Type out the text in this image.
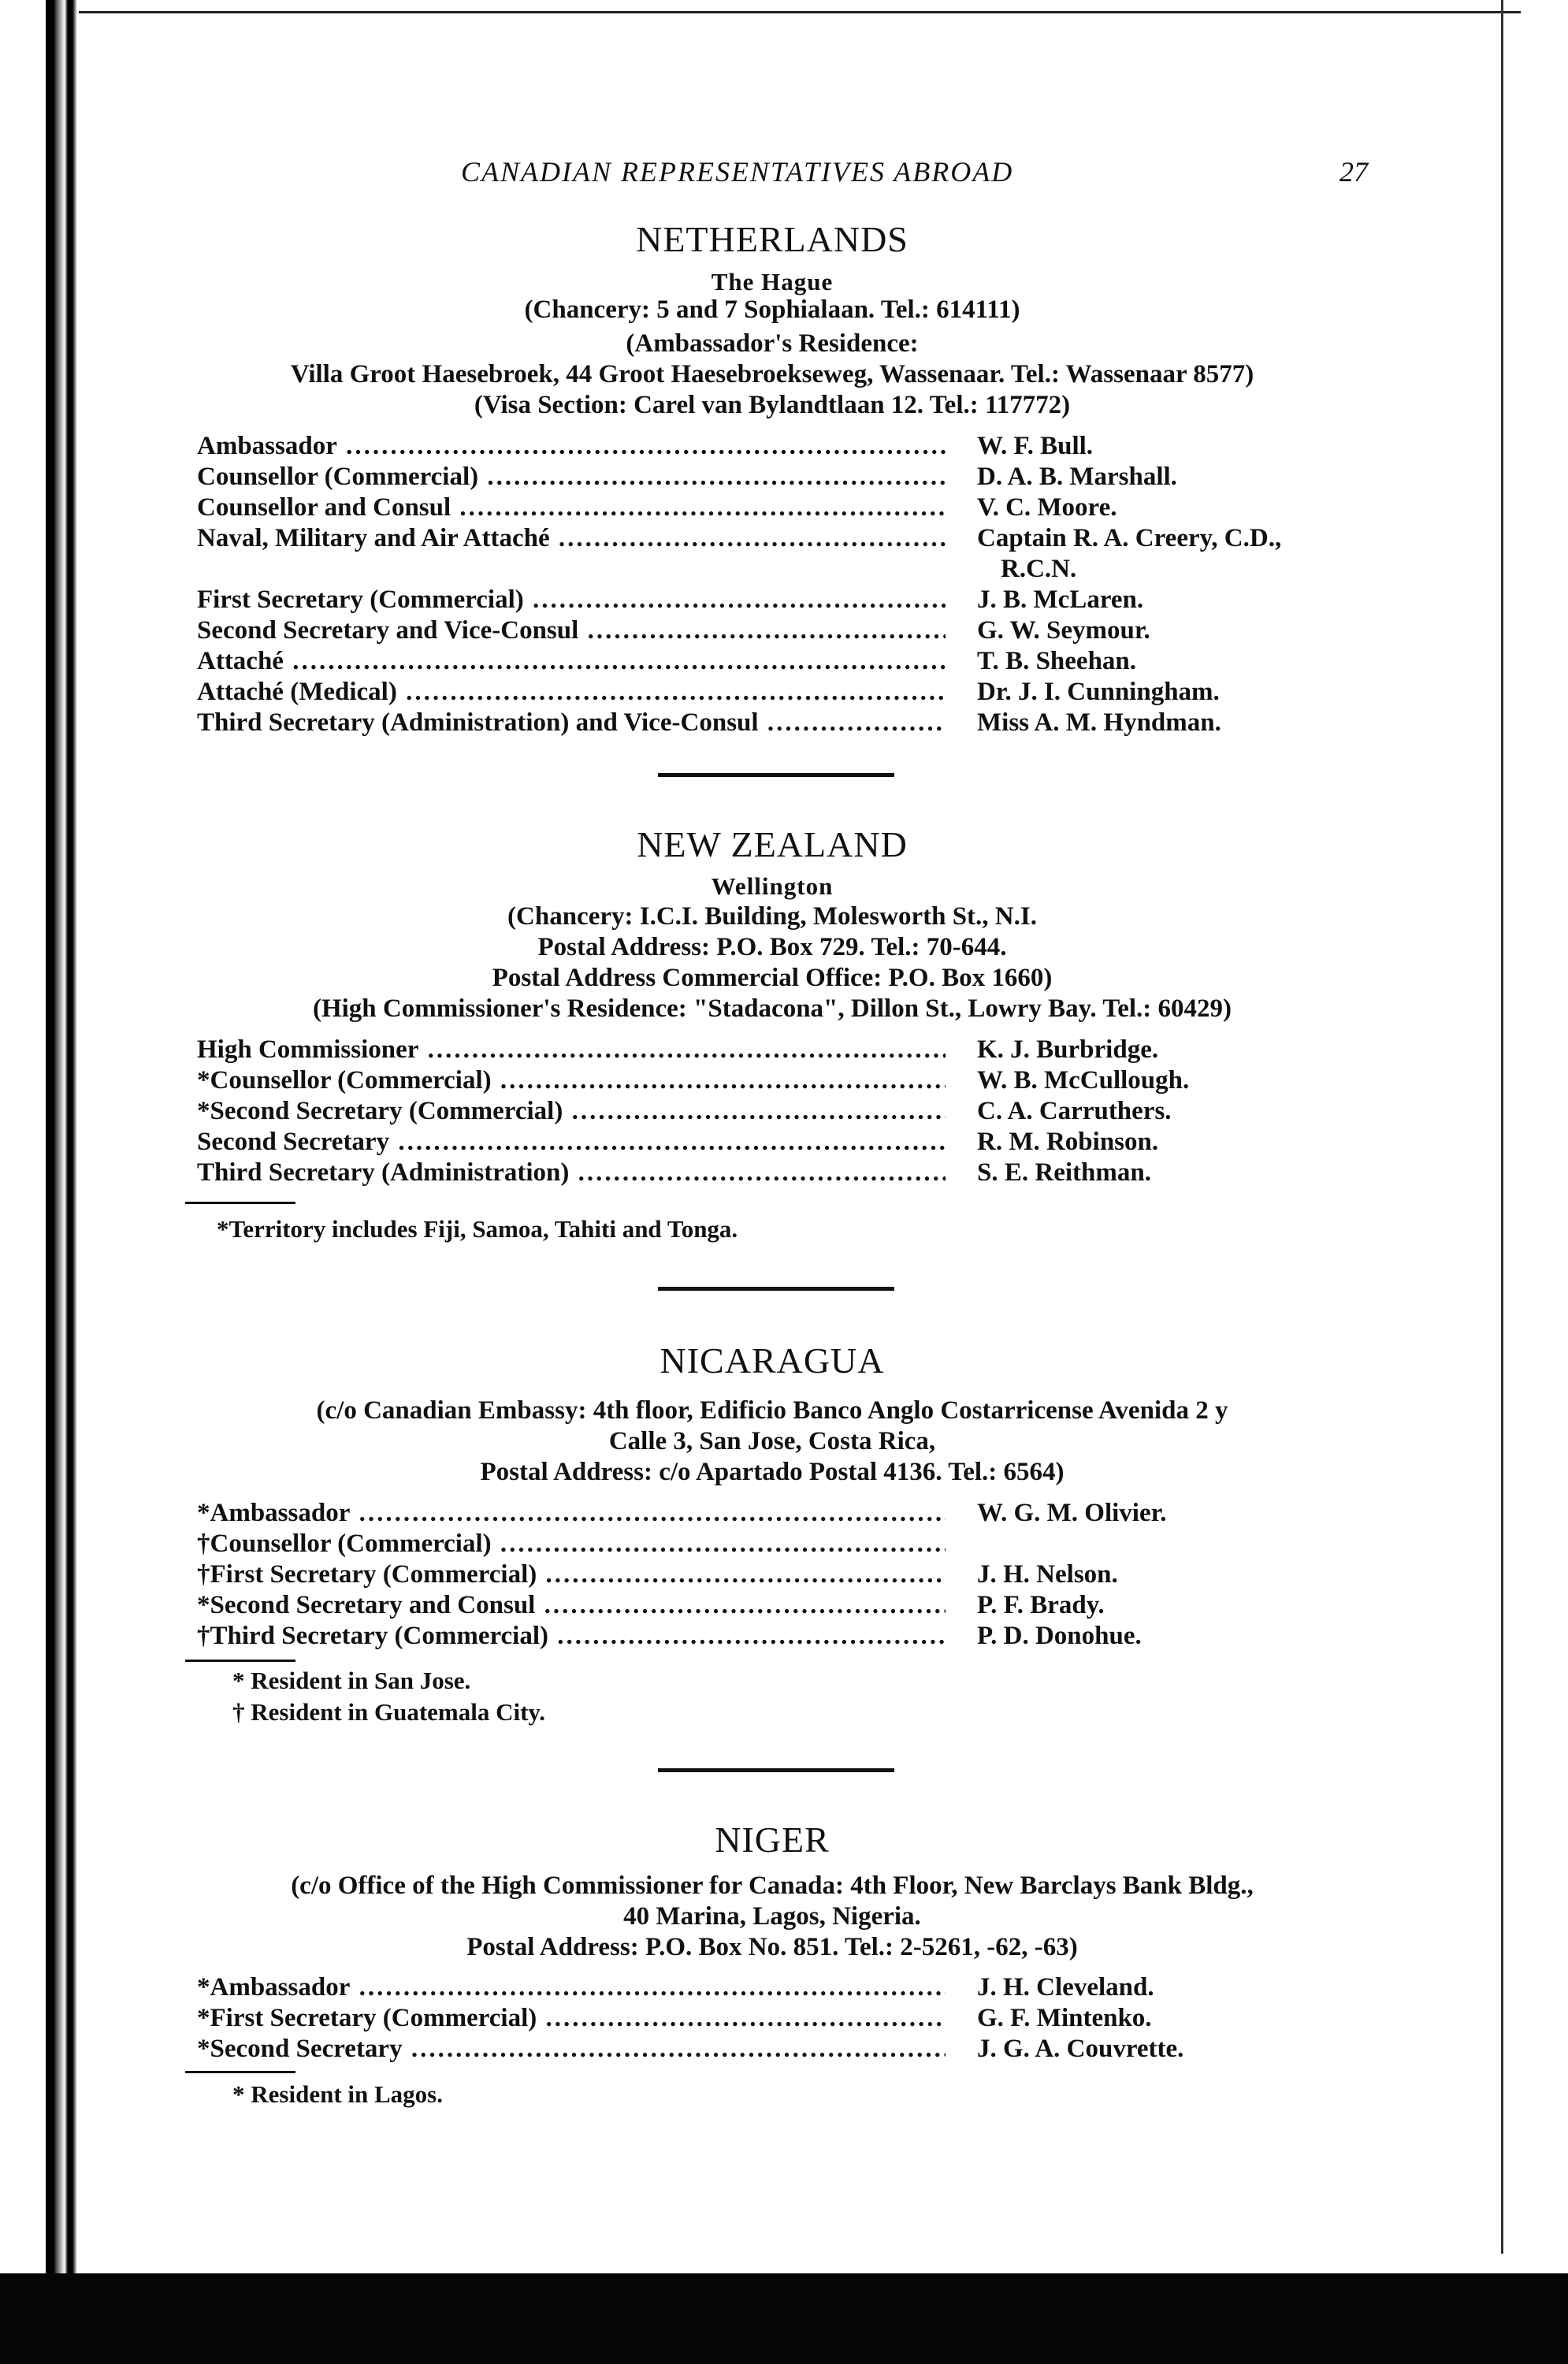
CANADIAN REPRESENTATIVES ABROAD	27
NETHERLANDS
The Hague
(Chancery: 5 and 7 Sophialaan. Tel.: 614111)
(Ambassador's Residence:
Villa Groot Haesebroek, 44 Groot Haesebroekseweg, Wassenaar. Tel.: Wassenaar 8577)
(Visa Section: Carel van Bylandtlaan 12. Tel.: 117772)
Ambassador .....	W. F. Bull.
Counsellor (Commercial) .....	D. A. B. Marshall.
Counsellor and Consul .....	V. C. Moore.
Naval, Military and Air Attaché .....	Captain R. A. Creery, C.D.,
R.C.N.
First Secretary (Commercial) .....	J. B. McLaren.
Second Secretary and Vice-Consul .....	G. W. Seymour.
Attaché .....	T. B. Sheehan.
Attaché (Medical) .....	Dr. J. I. Cunningham.
Third Secretary (Administration) and Vice-Consul .....	Miss A. M. Hyndman.
NEW ZEALAND
Wellington
(Chancery: I.C.I. Building, Molesworth St., N.I.
Postal Address: P.O. Box 729. Tel.: 70-644.
Postal Address Commercial Office: P.O. Box 1660)
(High Commissioner's Residence: "Stadacona", Dillon St., Lowry Bay. Tel.: 60429)
High Commissioner .....	K. J. Burbridge.
*Counsellor (Commercial) .....	W. B. McCullough.
*Second Secretary (Commercial) .....	C. A. Carruthers.
Second Secretary .....	R. M. Robinson.
Third Secretary (Administration) .....	S. E. Reithman.
*Territory includes Fiji, Samoa, Tahiti and Tonga.
NICARAGUA
(c/o Canadian Embassy: 4th floor, Edificio Banco Anglo Costarricense Avenida 2 y
Calle 3, San Jose, Costa Rica,
Postal Address: c/o Apartado Postal 4136. Tel.: 6564)
*Ambassador .....	W. G. M. Olivier.
†Counsellor (Commercial) .....
†First Secretary (Commercial) .....	J. H. Nelson.
*Second Secretary and Consul .....	P. F. Brady.
†Third Secretary (Commercial) .....	P. D. Donohue.
* Resident in San Jose.
† Resident in Guatemala City.
NIGER
(c/o Office of the High Commissioner for Canada: 4th Floor, New Barclays Bank Bldg.,
40 Marina, Lagos, Nigeria.
Postal Address: P.O. Box No. 851. Tel.: 2-5261, -62, -63)
*Ambassador .....	J. H. Cleveland.
*First Secretary (Commercial) .....	G. F. Mintenko.
*Second Secretary .....	J. G. A. Couvrette.
* Resident in Lagos.
